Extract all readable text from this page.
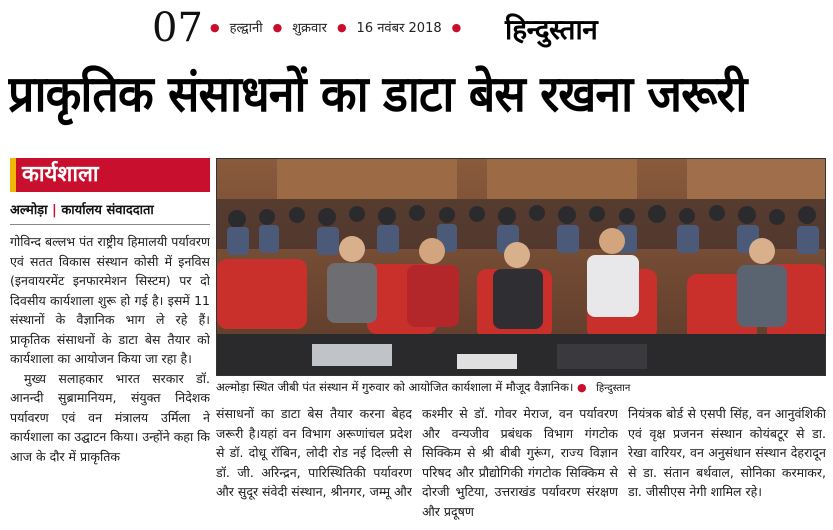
07 ● हल्द्वानी ● शुक्रवार ● 16 नवंबर 2018 ● हिन्दुस्तान
प्राकृतिक संसाधनों का डाटा बेस रखना जरूरी
कार्यशाला
अल्मोड़ा | कार्यालय संवाददाता

गोविन्द बल्लभ पंत राष्ट्रीय हिमालयी पर्यावरण एवं सतत विकास संस्थान कोसी में इनविस (इनवायरमेंट इनफारमेशन सिस्टम) पर दो दिवसीय कार्यशाला शुरू हो गई है। इसमें 11 संस्थानों के वैज्ञानिक भाग ले रहे हैं। प्राकृतिक संसाधनों के डाटा बेस तैयार को कार्यशाला का आयोजन किया जा रहा है।

मुख्य सलाहकार भारत सरकार डॉ. आनन्दी सुब्रामानियम, संयुक्त निदेशक पर्यावरण एवं वन मंत्रालय उर्मिला ने कार्यशाला का उद्घाटन किया। उन्होंने कहा कि आज के दौर में प्राकृतिक

अल्मोड़ा स्थित जीबी पंत संस्थान में गुरुवार को आयोजित कार्यशाला में मौजूद वैज्ञानिक। ● हिन्दुस्तान

संसाधनों का डाटा बेस तैयार करना बेहद जरूरी है।यहां वन विभाग अरूणांचल प्रदेश से डॉ. दोधू रॉबिन, लोदी रोड नई दिल्ली से डॉ. जी. अरिन्द्रन, पारिस्थितिकी पर्यावरण और सुदूर संवेदी संस्थान, श्रीनगर, जम्मू और

कश्मीर से डॉ. गोवर मेराज, वन पर्यावरण और वन्यजीव प्रबंधक विभाग गंगटोक सिक्किम से श्री बीबी गुरूंग, राज्य विज्ञान परिषद और प्रौद्योगिकी गंगटोक सिक्किम से दोरजी भुटिया, उत्तराखंड पर्यावरण संरक्षण और प्रदूषण

नियंत्रक बोर्ड से एसपी सिंह, वन आनुवंशिकी एवं वृक्ष प्रजनन संस्थान कोयंबटूर से डा. रेखा वारियर, वन अनुसंधान संस्थान देहरादून से डा. संतान बर्थवाल, सोनिका करमाकर, डा. जीसीएस नेगी शामिल रहे।
